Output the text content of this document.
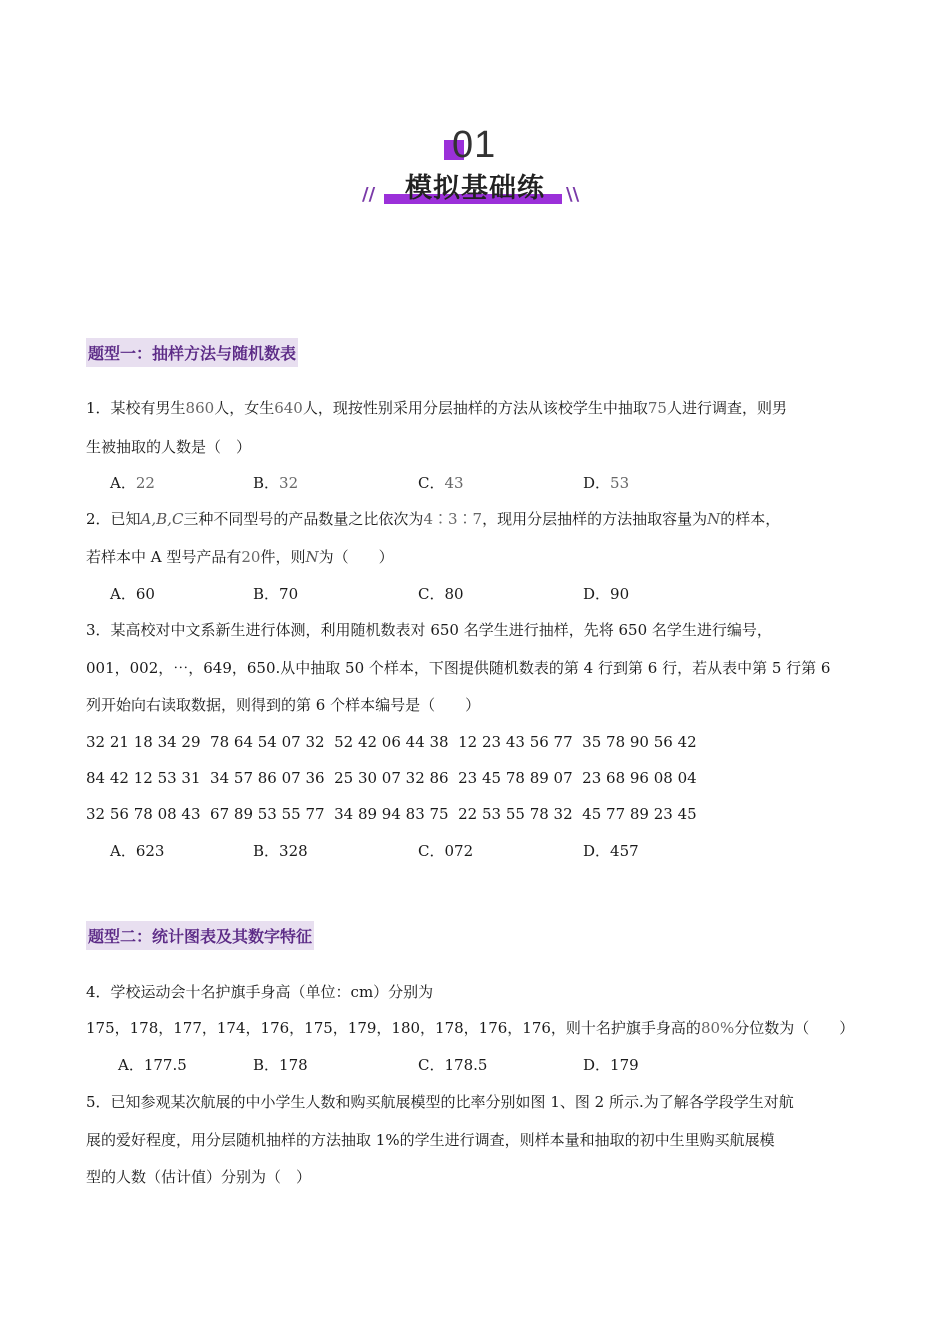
01
模拟基础练
//	\\
题型一：抽样方法与随机数表
1．某校有男生860人，女生640人，现按性别采用分层抽样的方法从该校学生中抽取75人进行调查，则男
生被抽取的人数是（　）
A．22	B．32	C．43	D．53
2．已知A,B,C三种不同型号的产品数量之比依次为4∶3∶7，现用分层抽样的方法抽取容量为N的样本，
若样本中 A 型号产品有20件，则N为（　　）
A．60	B．70	C．80	D．90
3．某高校对中文系新生进行体测，利用随机数表对 650 名学生进行抽样，先将 650 名学生进行编号，
001，002，⋯，649，650.从中抽取 50 个样本，下图提供随机数表的第 4 行到第 6 行，若从表中第 5 行第 6
列开始向右读取数据，则得到的第 6 个样本编号是（　　）
32 21 18 34 29  78 64 54 07 32  52 42 06 44 38  12 23 43 56 77  35 78 90 56 42
84 42 12 53 31  34 57 86 07 36  25 30 07 32 86  23 45 78 89 07  23 68 96 08 04
32 56 78 08 43  67 89 53 55 77  34 89 94 83 75  22 53 55 78 32  45 77 89 23 45
A．623	B．328	C．072	D．457
题型二：统计图表及其数字特征
4．学校运动会十名护旗手身高（单位：cm）分别为
175，178，177，174，176，175，179，180，178，176，176，则十名护旗手身高的80%分位数为（　　）
A．177.5	B．178	C．178.5	D．179
5．已知参观某次航展的中小学生人数和购买航展模型的比率分别如图 1、图 2 所示.为了解各学段学生对航
展的爱好程度，用分层随机抽样的方法抽取 1%的学生进行调查，则样本量和抽取的初中生里购买航展模
型的人数（估计值）分别为（　）
